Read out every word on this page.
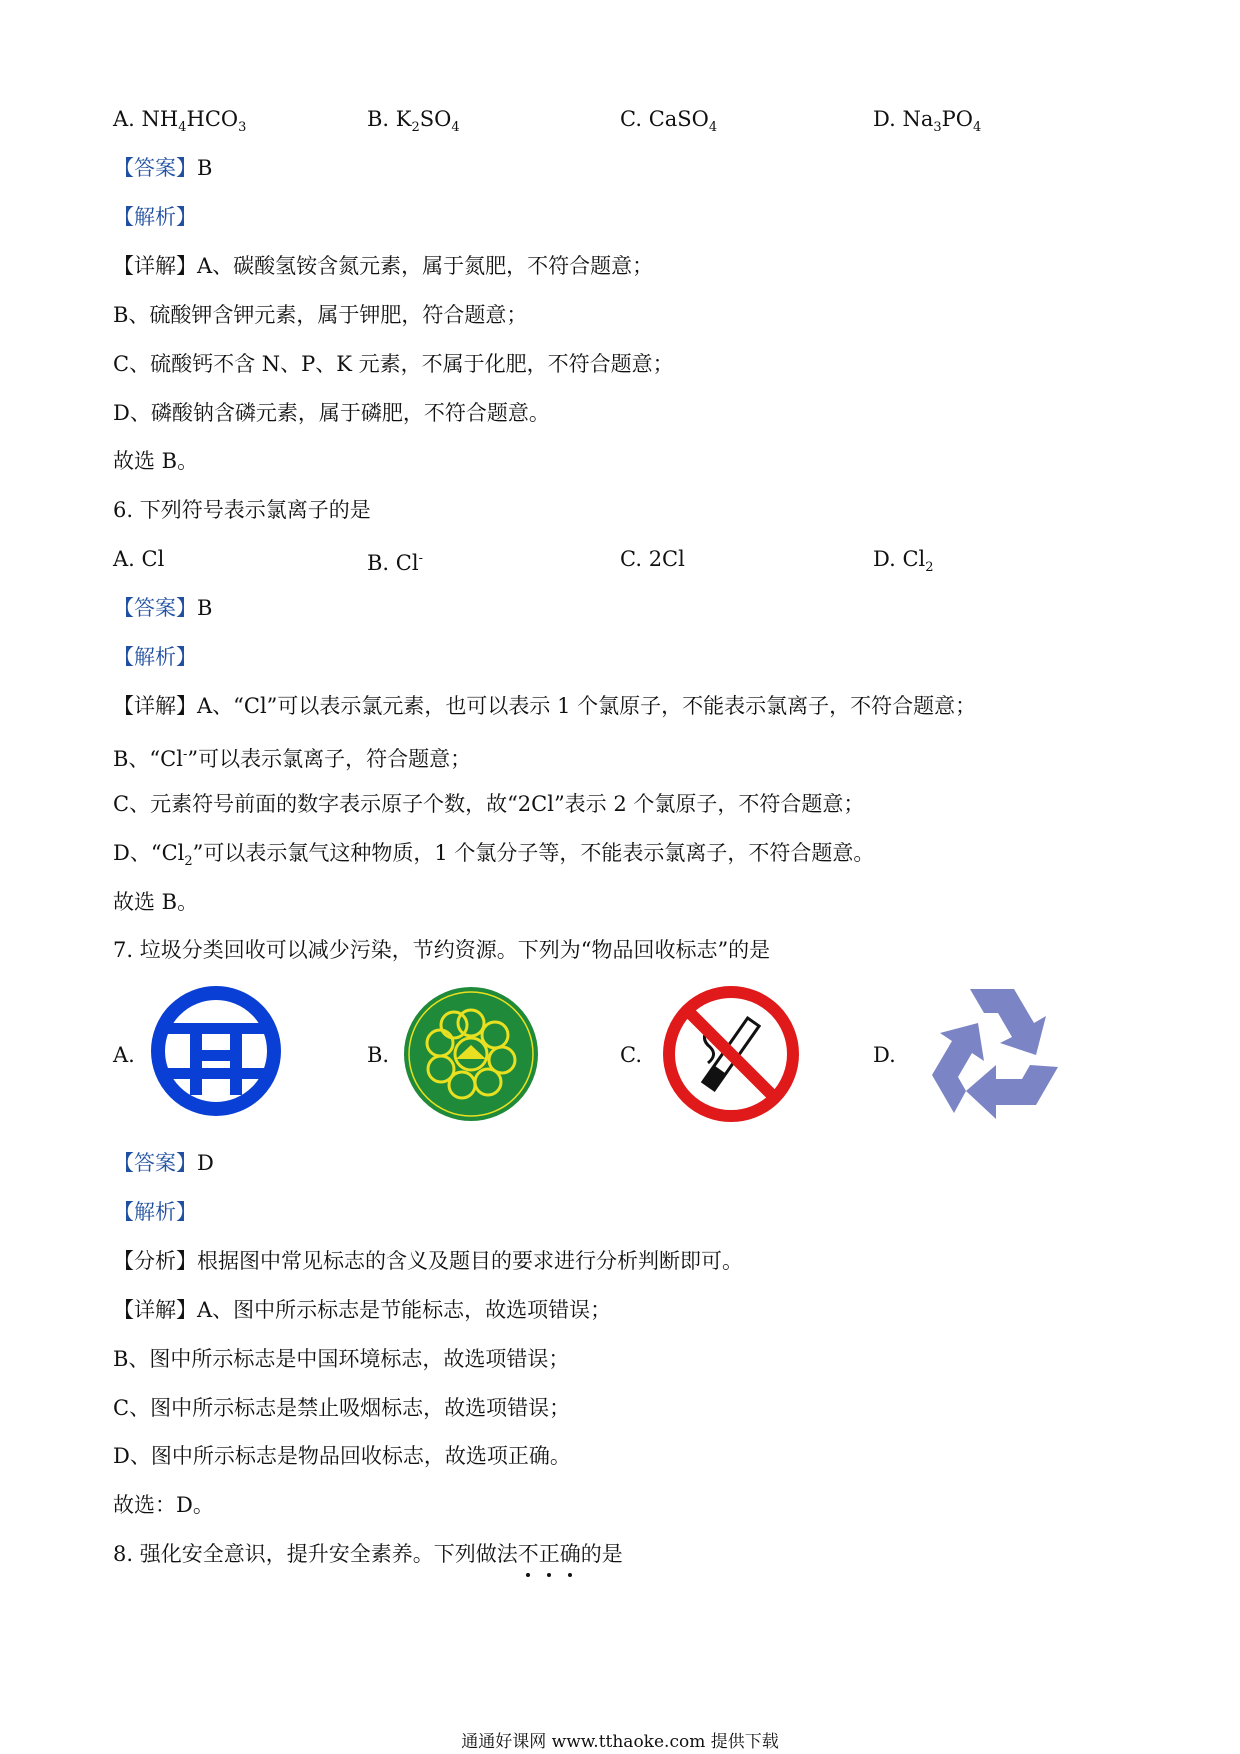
A. $NH_4HCO_3$	B. $K_2SO_4$	C. CaSO$_4$	D. $Na_3PO_4$
【答案】B
【解析】
【详解】A、碳酸氢铵含氮元素，属于氮肥，不符合题意；
B、硫酸钾含钾元素，属于钾肥，符合题意；
C、硫酸钙不含 N、P、K 元素，不属于化肥，不符合题意；
D、磷酸钠含磷元素，属于磷肥，不符合题意。
故选 B。
6. 下列符号表示氯离子的是
A. Cl	B. Cl-	C. 2Cl	D. $Cl_2$
【答案】B
【解析】
【详解】A、“Cl”可以表示氯元素，也可以表示 1 个氯原子，不能表示氯离子，不符合题意；
B、“Cl-”可以表示氯离子，符合题意；
C、元素符号前面的数字表示原子个数，故“2Cl”表示 2 个氯原子，不符合题意；
D、“$Cl_2$”可以表示氯气这种物质，1 个氯分子等，不能表示氯离子，不符合题意。
故选 B。
7. 垃圾分类回收可以减少污染，节约资源。下列为“物品回收标志”的是
A.	B.	C.	D.
【答案】D
【解析】
【分析】根据图中常见标志的含义及题目的要求进行分析判断即可。
【详解】A、图中所示标志是节能标志，故选项错误；
B、图中所示标志是中国环境标志，故选项错误；
C、图中所示标志是禁止吸烟标志，故选项错误；
D、图中所示标志是物品回收标志，故选项正确。
故选：D。
8. 强化安全意识，提升安全素养。下列做法不正确的是
通通好课网 www.tthaoke.com 提供下载
